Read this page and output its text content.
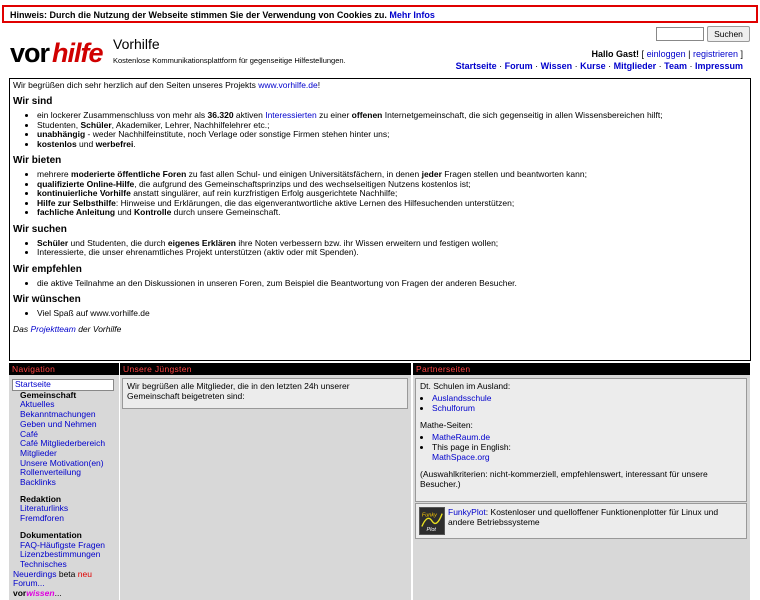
Hinweis: Durch die Nutzung der Webseite stimmen Sie der Verwendung von Cookies zu. Mehr Infos
vor hilfe Vorhilfe
Kostenlose Kommunikationsplattform für gegenseitige Hilfestellungen.
Suchen
Hallo Gast! [ einloggen | registrieren ]
Startseite · Forum · Wissen · Kurse · Mitglieder · Team · Impressum

Wir begrüßen dich sehr herzlich auf den Seiten unseres Projekts www.vorhilfe.de!

Wir sind
• ein lockerer Zusammenschluss von mehr als 36.320 aktiven Interessierten zu einer offenen Internetgemeinschaft, die sich gegenseitig in allen Wissensbereichen hilft;
• Studenten, Schüler, Akademiker, Lehrer, Nachhilfelehrer etc.;
• unabhängig - weder Nachhilfeinstitute, noch Verlage oder sonstige Firmen stehen hinter uns;
• kostenlos und werbefrei.
Wir bieten
• mehrere moderierte öffentliche Foren zu fast allen Schul- und einigen Universitätsfächern, in denen jeder Fragen stellen und beantworten kann;
• qualifizierte Online-Hilfe, die aufgrund des Gemeinschaftsprinzips und des wechselseitigen Nutzens kostenlos ist;
• kontinuierliche Vorhilfe anstatt singulärer, auf rein kurzfristigen Erfolg ausgerichtete Nachhilfe;
• Hilfe zur Selbsthilfe: Hinweise und Erklärungen, die das eigenverantwortliche aktive Lernen des Hilfesuchenden unterstützen;
• fachliche Anleitung und Kontrolle durch unsere Gemeinschaft.
Wir suchen
• Schüler und Studenten, die durch eigenes Erklären ihre Noten verbessern bzw. ihr Wissen erweitern und festigen wollen;
• Interessierte, die unser ehrenamtliches Projekt unterstützen (aktiv oder mit Spenden).
Wir empfehlen
• die aktive Teilnahme an den Diskussionen in unseren Foren, zum Beispiel die Beantwortung von Fragen der anderen Besucher.
Wir wünschen
• Viel Spaß auf www.vorhilfe.de

Das Projektteam der Vorhilfe

Navigation
Startseite
Gemeinschaft
Aktuelles
Bekanntmachungen
Geben und Nehmen
Café
Café Mitgliederbereich
Mitglieder
Unsere Motivation(en)
Rollenverteilung
Backlinks
Redaktion
Literaturlinks
Fremdforen
Dokumentation
FAQ-Häufigste Fragen
Lizenzbestimmungen
Technisches
Neuerdings beta neu
Forum...
vorwissen...
Unsere Jüngsten
Wir begrüßen alle Mitglieder, die in den letzten 24h unserer Gemeinschaft beigetreten sind:
Partnerseiten

Dt. Schulen im Ausland:

• Auslandsschule
• Schulforum

Mathe-Seiten:

• MatheRaum.de
• This page in English:
MathSpace.org

(Auswahlkriterien: nicht-kommerziell, empfehlenswert, interessant für unsere Besucher.)

Funky
Plot
FunkyPlot: Kostenloser und quelloffener Funktionenplotter für Linux und andere Betriebssysteme
